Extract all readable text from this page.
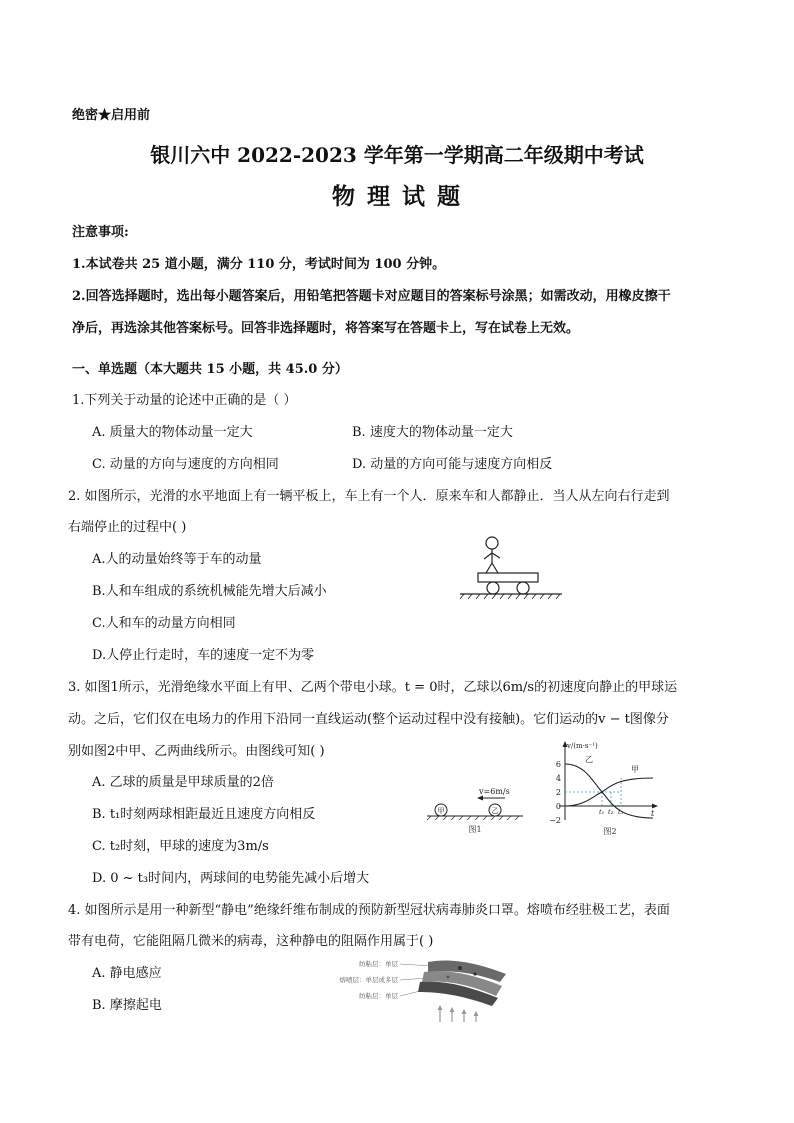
绝密★启用前
银川六中 2022-2023 学年第一学期高二年级期中考试
物 理 试 题
注意事项:
1.本试卷共 25 道小题，满分 110 分，考试时间为 100 分钟。
2.回答选择题时，选出每小题答案后，用铅笔把答题卡对应题目的答案标号涂黑；如需改动，用橡皮擦干
净后，再选涂其他答案标号。回答非选择题时，将答案写在答题卡上，写在试卷上无效。
一、单选题（本大题共 15 小题，共 45.0 分）
1.下列关于动量的论述中正确的是（ ）
A. 质量大的物体动量一定大	B. 速度大的物体动量一定大
C. 动量的方向与速度的方向相同	D. 动量的方向可能与速度方向相反
2. 如图所示，光滑的水平地面上有一辆平板上，车上有一个人．原来车和人都静止．当人从左向右行走到
右端停止的过程中( )
A.人的动量始终等于车的动量
B.人和车组成的系统机械能先增大后减小
C.人和车的动量方向相同
D.人停止行走时，车的速度一定不为零
3. 如图1所示，光滑绝缘水平面上有甲、乙两个带电小球。t = 0时，乙球以6m/s的初速度向静止的甲球运
动。之后，它们仅在电场力的作用下沿同一直线运动(整个运动过程中没有接触)。它们运动的v − t图像分
别如图2中甲、乙两曲线所示。由图线可知( )
A. 乙球的质量是甲球质量的2倍
B. t₁时刻两球相距最近且速度方向相反
C. t₂时刻，甲球的速度为3m/s
D. 0 ~ t₃时间内，两球间的电势能先减小后增大
v=6m/s
甲	乙
图1
v/(m·s⁻¹)
t
6
4
2
0
−2
乙
甲
t₁ t₂ t₃
图2
4. 如图所示是用一种新型“静电”绝缘纤维布制成的预防新型冠状病毒肺炎口罩。熔喷布经驻极工艺，表面
带有电荷，它能阻隔几微米的病毒，这种静电的阻隔作用属于( )
A. 静电感应
B. 摩擦起电
纺粘层：单层
熔喷层：单层或多层
纺粘层：单层
